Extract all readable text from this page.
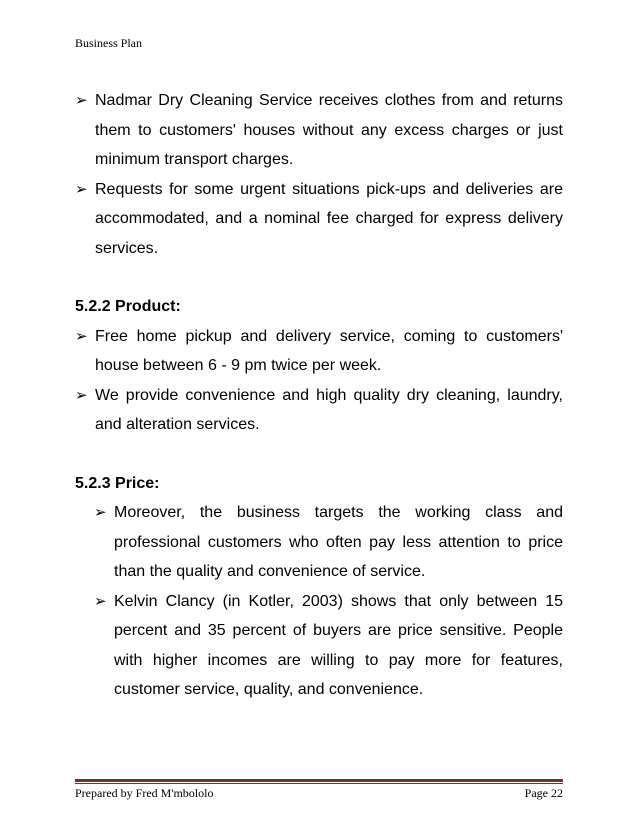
Business Plan

➢ Nadmar Dry Cleaning Service receives clothes from and returns them to customers' houses without any excess charges or just minimum transport charges.

➢ Requests for some urgent situations pick-ups and deliveries are accommodated, and a nominal fee charged for express delivery services.

5.2.2 Product:

➢ Free home pickup and delivery service, coming to customers' house between 6 - 9 pm twice per week.

➢ We provide convenience and high quality dry cleaning, laundry, and alteration services.

5.2.3 Price:

➢ Moreover, the business targets the working class and professional customers who often pay less attention to price than the quality and convenience of service.

➢ Kelvin Clancy (in Kotler, 2003) shows that only between 15 percent and 35 percent of buyers are price sensitive. People with higher incomes are willing to pay more for features, customer service, quality, and convenience.

Prepared by Fred M'mbololo	Page 22
